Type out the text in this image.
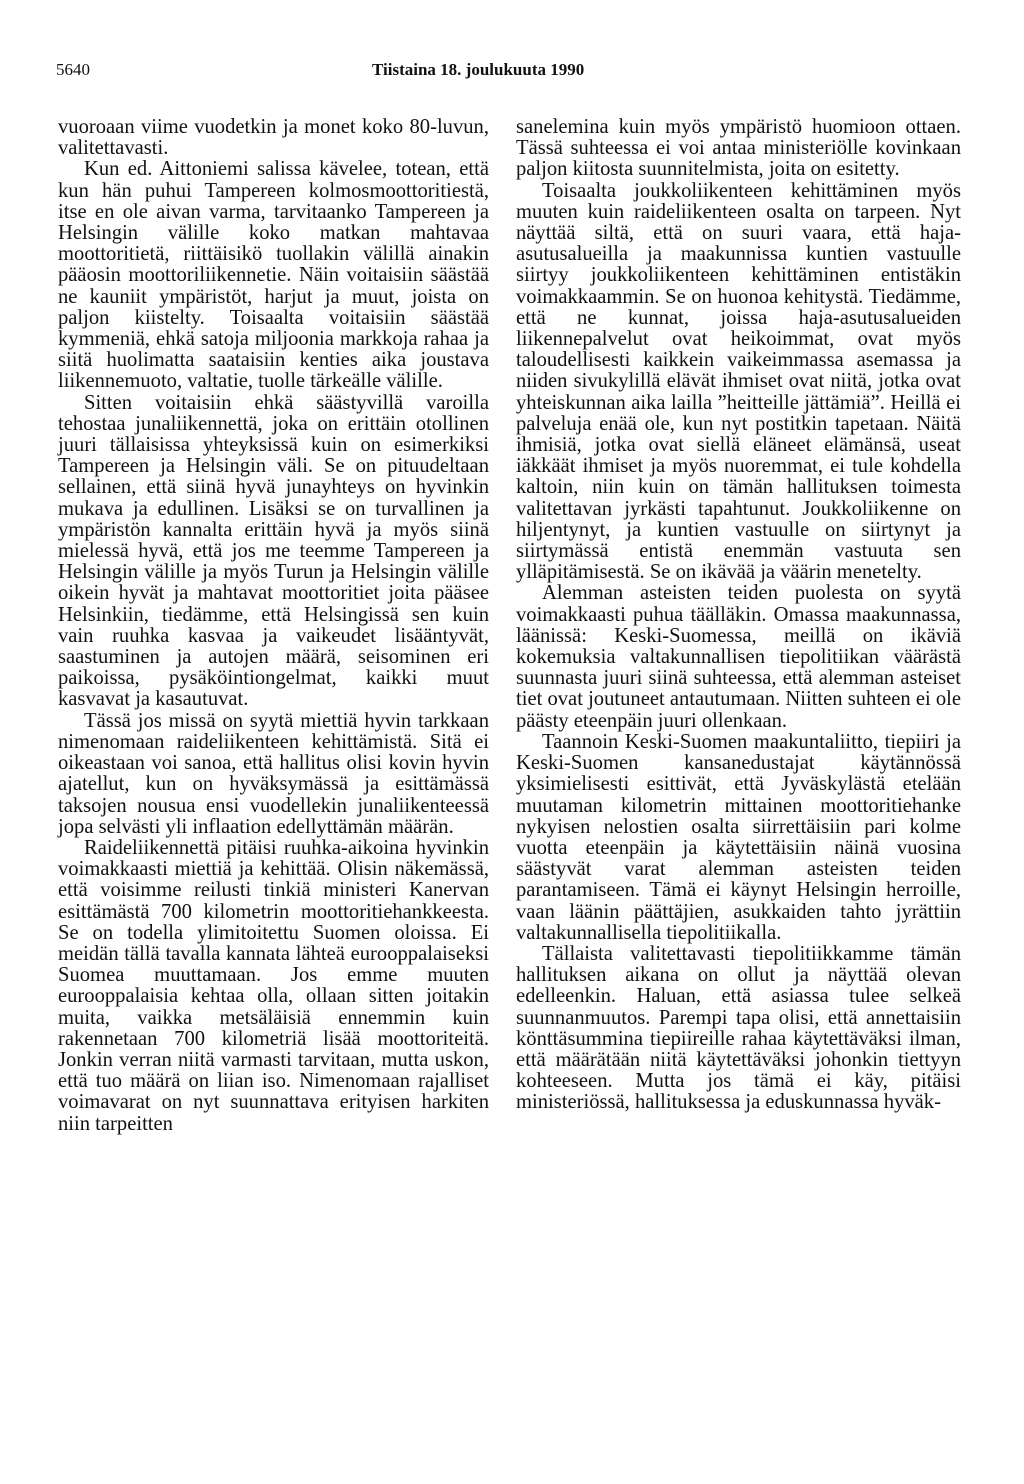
5640	Tiistaina 18. joulukuuta 1990

vuoroaan viime vuodetkin ja monet koko 80-luvun, valitettavasti.

Kun ed. Aittoniemi salissa kävelee, totean, että kun hän puhui Tampereen kolmosmoottoritiestä, itse en ole aivan varma, tarvitaanko Tampereen ja Helsingin välille koko matkan mahtavaa moottoritietä, riittäisikö tuollakin välillä ainakin pääosin moottoriliikennetie. Näin voitaisiin säästää ne kauniit ympäristöt, harjut ja muut, joista on paljon kiistelty. Toisaalta voitaisiin säästää kymmeniä, ehkä satoja miljoonia markkoja rahaa ja siitä huolimatta saataisiin kenties aika joustava liikennemuoto, valtatie, tuolle tärkeälle välille.

Sitten voitaisiin ehkä säästyvillä varoilla tehostaa junaliikennettä, joka on erittäin otollinen juuri tällaisissa yhteyksissä kuin on esimerkiksi Tampereen ja Helsingin väli. Se on pituudeltaan sellainen, että siinä hyvä junayhteys on hyvinkin mukava ja edullinen. Lisäksi se on turvallinen ja ympäristön kannalta erittäin hyvä ja myös siinä mielessä hyvä, että jos me teemme Tampereen ja Helsingin välille ja myös Turun ja Helsingin välille oikein hyvät ja mahtavat moottoritiet joita pääsee Helsinkiin, tiedämme, että Helsingissä sen kuin vain ruuhka kasvaa ja vaikeudet lisääntyvät, saastuminen ja autojen määrä, seisominen eri paikoissa, pysäköintiongelmat, kaikki muut kasvavat ja kasautuvat.

Tässä jos missä on syytä miettiä hyvin tarkkaan nimenomaan raideliikenteen kehittämistä. Sitä ei oikeastaan voi sanoa, että hallitus olisi kovin hyvin ajatellut, kun on hyväksymässä ja esittämässä taksojen nousua ensi vuodellekin junaliikenteessä jopa selvästi yli inflaation edellyttämän määrän.

Raideliikennettä pitäisi ruuhka-aikoina hyvinkin voimakkaasti miettiä ja kehittää. Olisin näkemässä, että voisimme reilusti tinkiä ministeri Kanervan esittämästä 700 kilometrin moottoritiehankkeesta. Se on todella ylimitoitettu Suomen oloissa. Ei meidän tällä tavalla kannata lähteä eurooppalaiseksi Suomea muuttamaan. Jos emme muuten eurooppalaisia kehtaa olla, ollaan sitten joitakin muita, vaikka metsäläisiä ennemmin kuin rakennetaan 700 kilometriä lisää moottoriteitä. Jonkin verran niitä varmasti tarvitaan, mutta uskon, että tuo määrä on liian iso. Nimenomaan rajalliset voimavarat on nyt suunnattava erityisen harkiten niin tarpeitten

sanelemina kuin myös ympäristö huomioon ottaen. Tässä suhteessa ei voi antaa ministeriölle kovinkaan paljon kiitosta suunnitelmista, joita on esitetty.

Toisaalta joukkoliikenteen kehittäminen myös muuten kuin raideliikenteen osalta on tarpeen. Nyt näyttää siltä, että on suuri vaara, että haja-asutusalueilla ja maakunnissa kuntien vastuulle siirtyy joukkoliikenteen kehittäminen entistäkin voimakkaammin. Se on huonoa kehitystä. Tiedämme, että ne kunnat, joissa haja-asutusalueiden liikennepalvelut ovat heikoimmat, ovat myös taloudellisesti kaikkein vaikeimmassa asemassa ja niiden sivukylillä elävät ihmiset ovat niitä, jotka ovat yhteiskunnan aika lailla ”heitteille jättämiä”. Heillä ei palveluja enää ole, kun nyt postitkin tapetaan. Näitä ihmisiä, jotka ovat siellä eläneet elämänsä, useat iäkkäät ihmiset ja myös nuoremmat, ei tule kohdella kaltoin, niin kuin on tämän hallituksen toimesta valitettavan jyrkästi tapahtunut. Joukkoliikenne on hiljentynyt, ja kuntien vastuulle on siirtynyt ja siirtymässä entistä enemmän vastuuta sen ylläpitämisestä. Se on ikävää ja väärin menetelty.

Alemman asteisten teiden puolesta on syytä voimakkaasti puhua täälläkin. Omassa maakunnassa, läänissä: Keski-Suomessa, meillä on ikäviä kokemuksia valtakunnallisen tiepolitiikan väärästä suunnasta juuri siinä suhteessa, että alemman asteiset tiet ovat joutuneet antautumaan. Niitten suhteen ei ole päästy eteenpäin juuri ollenkaan.

Taannoin Keski-Suomen maakuntaliitto, tiepiiri ja Keski-Suomen kansanedustajat käytännössä yksimielisesti esittivät, että Jyväskylästä etelään muutaman kilometrin mittainen moottoritiehanke nykyisen nelostien osalta siirrettäisiin pari kolme vuotta eteenpäin ja käytettäisiin näinä vuosina säästyvät varat alemman asteisten teiden parantamiseen. Tämä ei käynyt Helsingin herroille, vaan läänin päättäjien, asukkaiden tahto jyrättiin valtakunnallisella tiepolitiikalla.

Tällaista valitettavasti tiepolitiikkamme tämän hallituksen aikana on ollut ja näyttää olevan edelleenkin. Haluan, että asiassa tulee selkeä suunnanmuutos. Parempi tapa olisi, että annettaisiin könttäsummina tiepiireille rahaa käytettäväksi ilman, että määrätään niitä käytettäväksi johonkin tiettyyn kohteeseen. Mutta jos tämä ei käy, pitäisi ministeriössä, hallituksessa ja eduskunnassa hyväk-
